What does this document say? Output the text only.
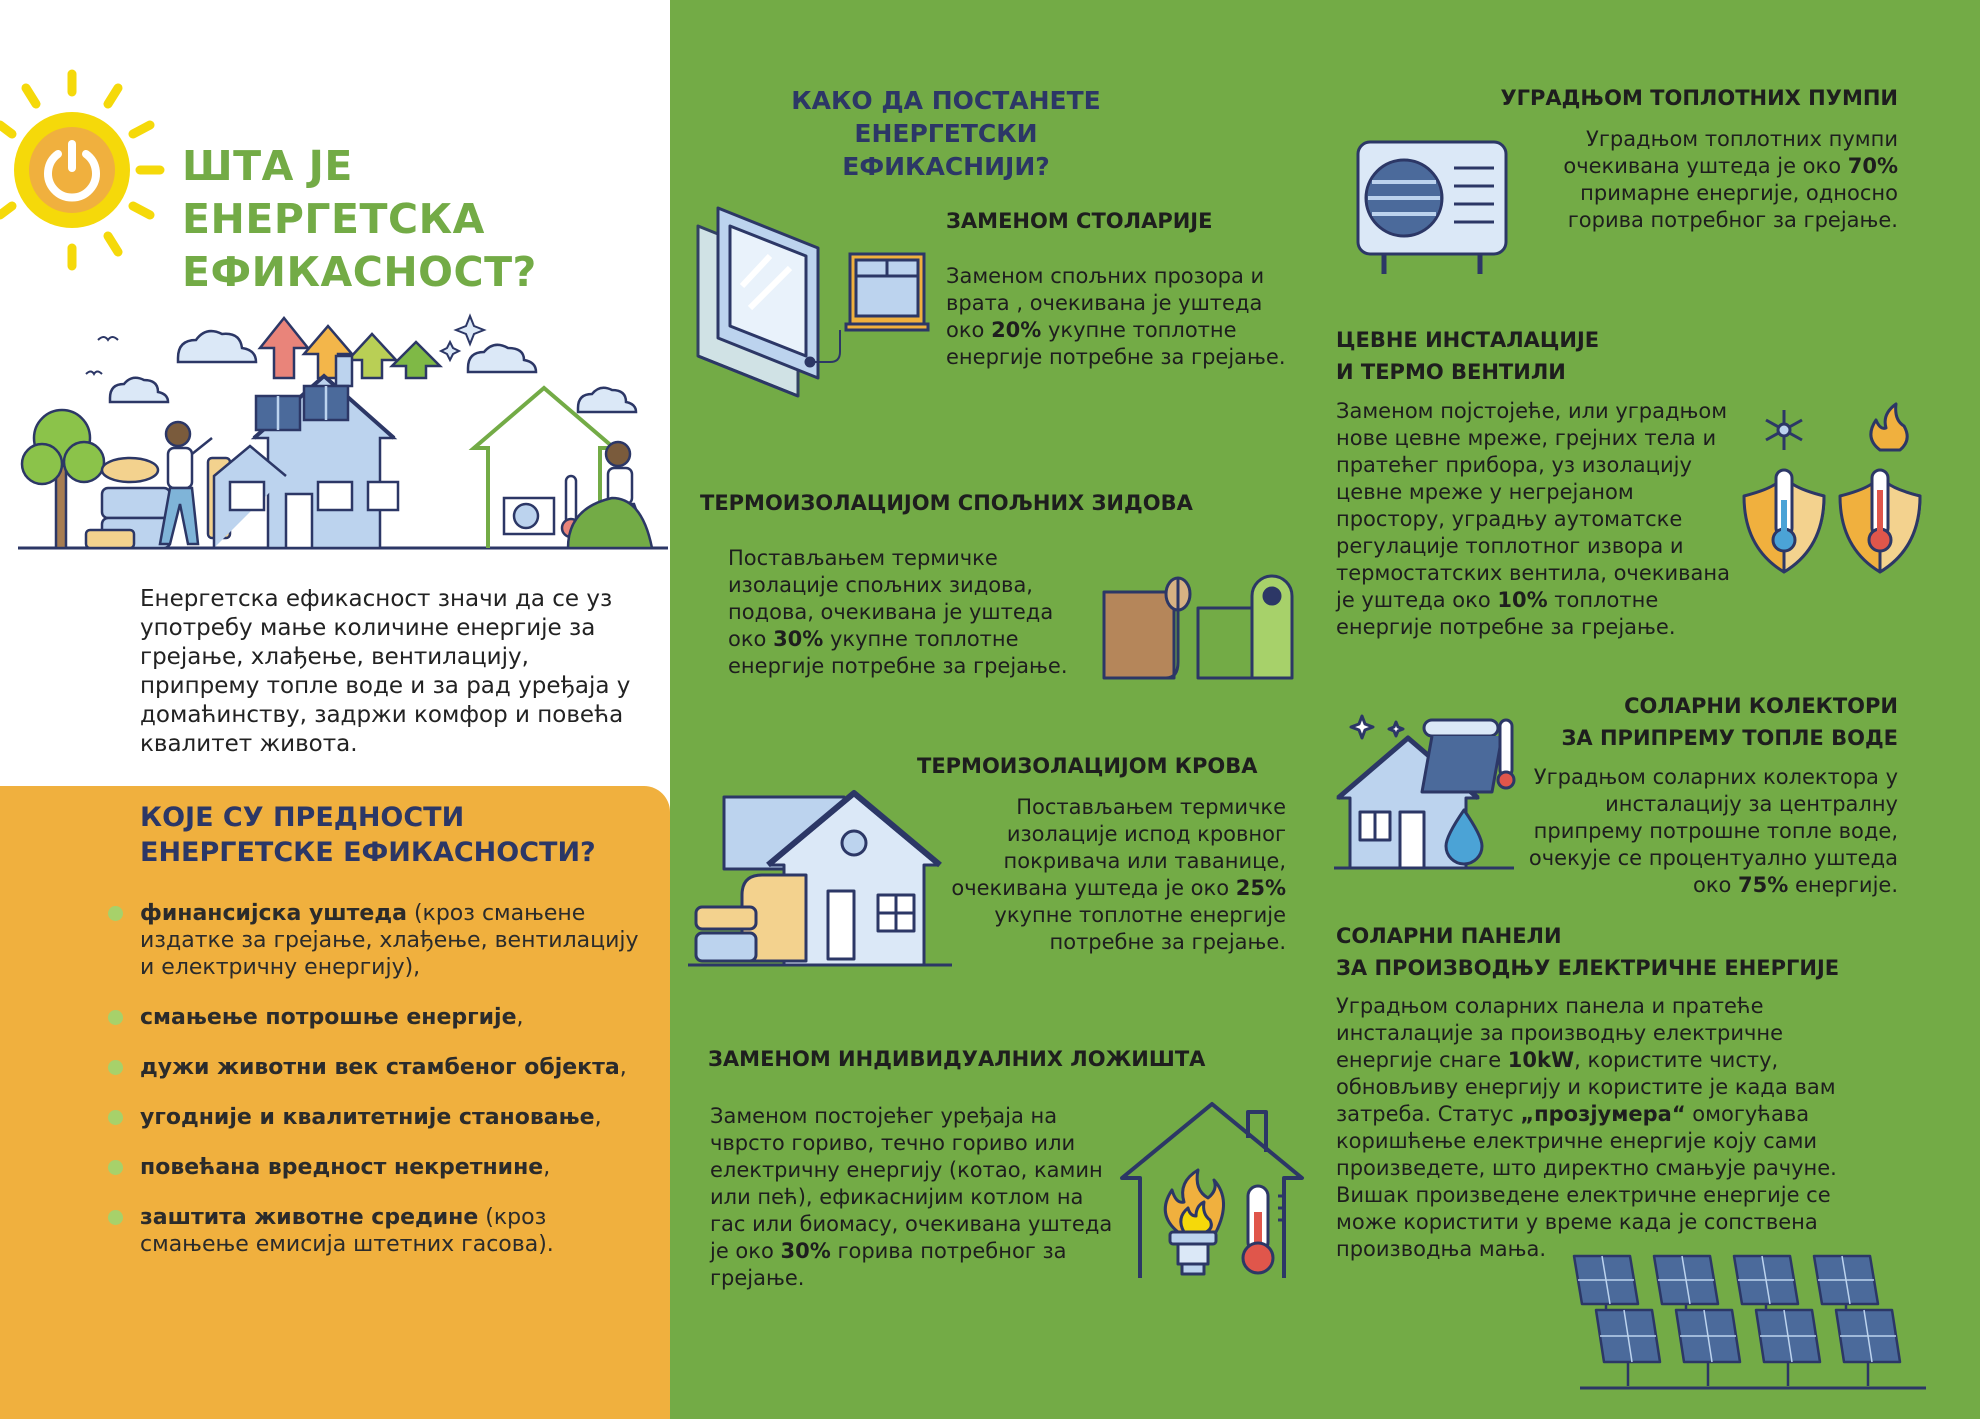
ШТА ЈЕ ЕНЕРГЕТСКА ЕФИКАСНОСТ?
Енергетска ефикасност значи да се уз употребу мање количине енергије за грејање, хлађење, вентилацију, припрему топле воде и за рад уређаја у домаћинству, задржи комфор и повећа квалитет живота.
КОЈЕ СУ ПРЕДНОСТИ ЕНЕРГЕТСКЕ ЕФИКАСНОСТИ?
финансијска уштеда (кроз смањене издатке за грејање, хлађење, вентилацију и електричну енергију),
смањење потрошње енергије,
дужи животни век стамбеног објекта,
угодније и квалитетније становање,
повећана вредност некретнине,
заштита животне средине (кроз смањење емисија штетних гасова).
КАКО ДА ПОСТАНЕТЕ ЕНЕРГЕТСКИ ЕФИКАСНИЈИ?
ЗАМЕНОМ СТОЛАРИЈЕ
Заменом спољних прозора и врата , очекивана је уштеда око 20% укупне топлотне енергије потребне за грејање.
ТЕРМОИЗОЛАЦИЈОМ СПОЉНИХ ЗИДОВА
Постављањем термичке изолације спољних зидова, подова, очекивана је уштеда око 30% укупне топлотне енергије потребне за грејање.
ТЕРМОИЗОЛАЦИЈОМ КРОВА
Постављањем термичке изолације испод кровног покривача или таванице, очекивана уштеда је око 25% укупне топлотне енергије потребне за грејање.
ЗАМЕНОМ ИНДИВИДУАЛНИХ ЛОЖИШТА
Заменом постојећег уређаја на чврсто гориво, течно гориво или електричну енергију (котао, камин или пећ), ефикаснијим котлом на гас или биомасу, очекивана уштеда је око 30% горива потребног за грејање.
УГРАДЊОМ ТОПЛОТНИХ ПУМПИ
Уградњом топлотних пумпи очекивана уштеда је око 70% примарне енергије, односно горива потребног за грејање.
ЦЕВНЕ ИНСТАЛАЦИЈЕ
И ТЕРМО ВЕНТИЛИ
Заменом појстојеће, или уградњом нове цевне мреже, грејних тела и пратећег прибора, уз изолацију цевне мреже у негрејаном простору, уградњу аутоматске регулације топлотног извора и термостатских вентила, очекивана је уштеда око 10% топлотне енергије потребне за грејање.
СОЛАРНИ КОЛЕКТОРИ
ЗА ПРИПРЕМУ ТОПЛЕ ВОДЕ
Уградњом соларних колектора у инсталацију за централну припрему потрошне топле воде, очекује се процентуално уштеда око 75% енергије.
СОЛАРНИ ПАНЕЛИ
ЗА ПРОИЗВОДЊУ ЕЛЕКТРИЧНЕ ЕНЕРГИЈЕ
Уградњом соларних панела и пратеће инсталације за производњу електричне енергије снаге 10kW, користите чисту, обновљиву енергију и користите је када вам затреба. Статус „прозјумера“ омогућава коришћење електричне енергије коју сами произведете, што директно смањује рачуне. Вишак произведене електричне енергије се може користити у време када је сопствена производња мања.
